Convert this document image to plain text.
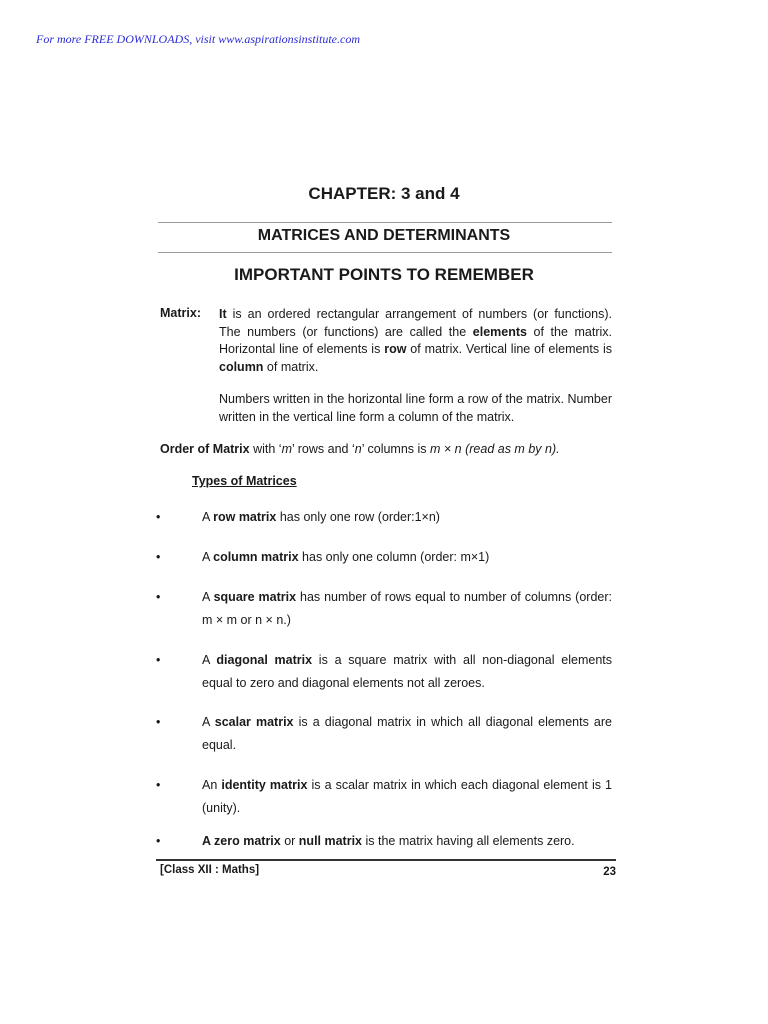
For more FREE DOWNLOADS, visit www.aspirationsinstitute.com
CHAPTER: 3 and 4
MATRICES AND DETERMINANTS
IMPORTANT POINTS TO REMEMBER
Matrix: It is an ordered rectangular arrangement of numbers (or functions). The numbers (or functions) are called the elements of the matrix. Horizontal line of elements is row of matrix. Vertical line of elements is column of matrix.
Numbers written in the horizontal line form a row of the matrix. Number written in the vertical line form a column of the matrix.
Order of Matrix with ‘m’ rows and ‘n’ columns is m × n (read as m by n).
Types of Matrices
•	A row matrix has only one row (order:1×n)
•	A column matrix has only one column (order: m×1)
•	A square matrix has number of rows equal to number of columns (order: m × m or n × n.)
•	A diagonal matrix is a square matrix with all non-diagonal elements equal to zero and diagonal elements not all zeroes.
•	A scalar matrix is a diagonal matrix in which all diagonal elements are equal.
•	An identity matrix is a scalar matrix in which each diagonal element is 1 (unity).
•	A zero matrix or null matrix is the matrix having all elements zero.
[Class XII : Maths]	23
